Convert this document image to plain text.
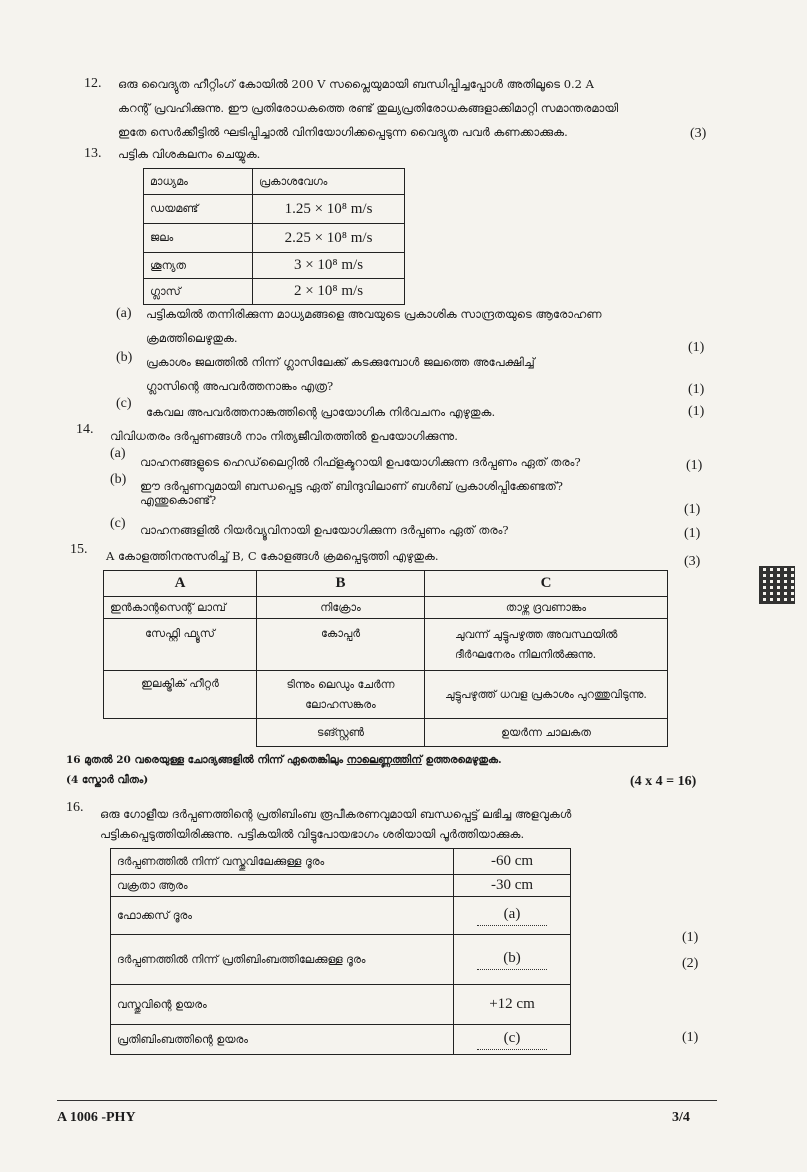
12. ഒരു വൈദ്യുത ഹീറ്റിംഗ് കോയിൽ 200 V സപ്ലൈയുമായി ബന്ധിപ്പിച്ചപ്പോൾ അതിലൂടെ 0.2 A
കറന്റ് പ്രവഹിക്കുന്നു. ഈ പ്രതിരോധകത്തെ രണ്ട് തുല്യപ്രതിരോധകങ്ങളാക്കിമാറ്റി സമാന്തരമായി
ഇതേ സെർക്കീട്ടിൽ ഘടിപ്പിച്ചാൽ വിനിയോഗിക്കപ്പെടുന്ന വൈദ്യുത പവർ കണക്കാക്കുക.	(3)
13. പട്ടിക വിശകലനം ചെയ്യുക.
മാധ്യമം	പ്രകാശവേഗം
ഡയമണ്ട്	1.25 × 10⁸ m/s
ജലം	2.25 × 10⁸ m/s
ശൂന്യത	3 × 10⁸ m/s
ഗ്ലാസ്	2 × 10⁸ m/s
(a) പട്ടികയിൽ തന്നിരിക്കുന്ന മാധ്യമങ്ങളെ അവയുടെ പ്രകാശിക സാന്ദ്രതയുടെ ആരോഹണ
ക്രമത്തിലെഴുതുക.
(1)
(b) പ്രകാശം ജലത്തിൽ നിന്ന് ഗ്ലാസിലേക്ക് കടക്കുമ്പോൾ ജലത്തെ അപേക്ഷിച്ച്
ഗ്ലാസിന്റെ അപവർത്തനാങ്കം എത്ര?	(1)
(c)
കേവല അപവർത്തനാങ്കത്തിന്റെ പ്രായോഗിക നിർവചനം എഴുതുക.	(1)
14. വിവിധതരം ദർപ്പണങ്ങൾ നാം നിത്യജീവിതത്തിൽ ഉപയോഗിക്കുന്നു.
(a)
വാഹനങ്ങളുടെ ഹെഡ്‌ലൈറ്റിൽ റിഫ്ളക്ടറായി ഉപയോഗിക്കുന്ന ദർപ്പണം ഏത് തരം?	(1)
(b) ഈ ദർപ്പണവുമായി ബന്ധപ്പെട്ട ഏത് ബിന്ദുവിലാണ് ബൾബ് പ്രകാശിപ്പിക്കേണ്ടത്?
എന്തുകൊണ്ട്?
(1)
(c) വാഹനങ്ങളിൽ റിയർവ്യൂവിനായി ഉപയോഗിക്കുന്ന ദർപ്പണം ഏത് തരം?	(1)
15. A കോളത്തിനനുസരിച്ച് B, C കോളങ്ങൾ ക്രമപ്പെടുത്തി എഴുതുക.	(3)
A	B	C
ഇൻകാന്റസെന്റ് ലാമ്പ്	നിക്രോം	താഴ്ന്ന ദ്രവണാങ്കം
സേഫ്റ്റി ഫ്യൂസ്	കോപ്പർ	ചുവന്ന് ചുട്ടുപഴുത്ത അവസ്ഥയിൽ ദീർഘനേരം നിലനിൽക്കുന്നു.
ഇലക്ട്രിക് ഹീറ്റർ	ടിന്നും ലെഡും ചേർന്ന ലോഹസങ്കരം	ചുട്ടുപഴുത്ത് ധവള പ്രകാശം പുറത്തുവിടുന്നു.
	ടങ്സ്റ്റൺ	ഉയർന്ന ചാലകത
16 മുതൽ 20 വരെയുള്ള ചോദ്യങ്ങളിൽ നിന്ന് ഏതെങ്കിലും നാലെണ്ണത്തിന് ഉത്തരമെഴുതുക.
(4 സ്കോർ വീതം)	(4 x 4 = 16)
16. ഒരു ഗോളീയ ദർപ്പണത്തിന്റെ പ്രതിബിംബ രൂപീകരണവുമായി ബന്ധപ്പെട്ട് ലഭിച്ച അളവുകൾ
പട്ടികപ്പെടുത്തിയിരിക്കുന്നു. പട്ടികയിൽ വിട്ടുപോയഭാഗം ശരിയായി പൂർത്തിയാക്കുക.
ദർപ്പണത്തിൽ നിന്ന് വസ്തുവിലേക്കുള്ള ദൂരം	-60 cm
വക്രതാ ആരം	-30 cm
ഫോക്കസ് ദൂരം	(a)
ദർപ്പണത്തിൽ നിന്ന് പ്രതിബിംബത്തിലേക്കുള്ള ദൂരം	(b)
വസ്തുവിന്റെ ഉയരം	+12 cm
പ്രതിബിംബത്തിന്റെ ഉയരം	(c)
(1)
(2)
(1)
A 1006 -PHY	3/4
